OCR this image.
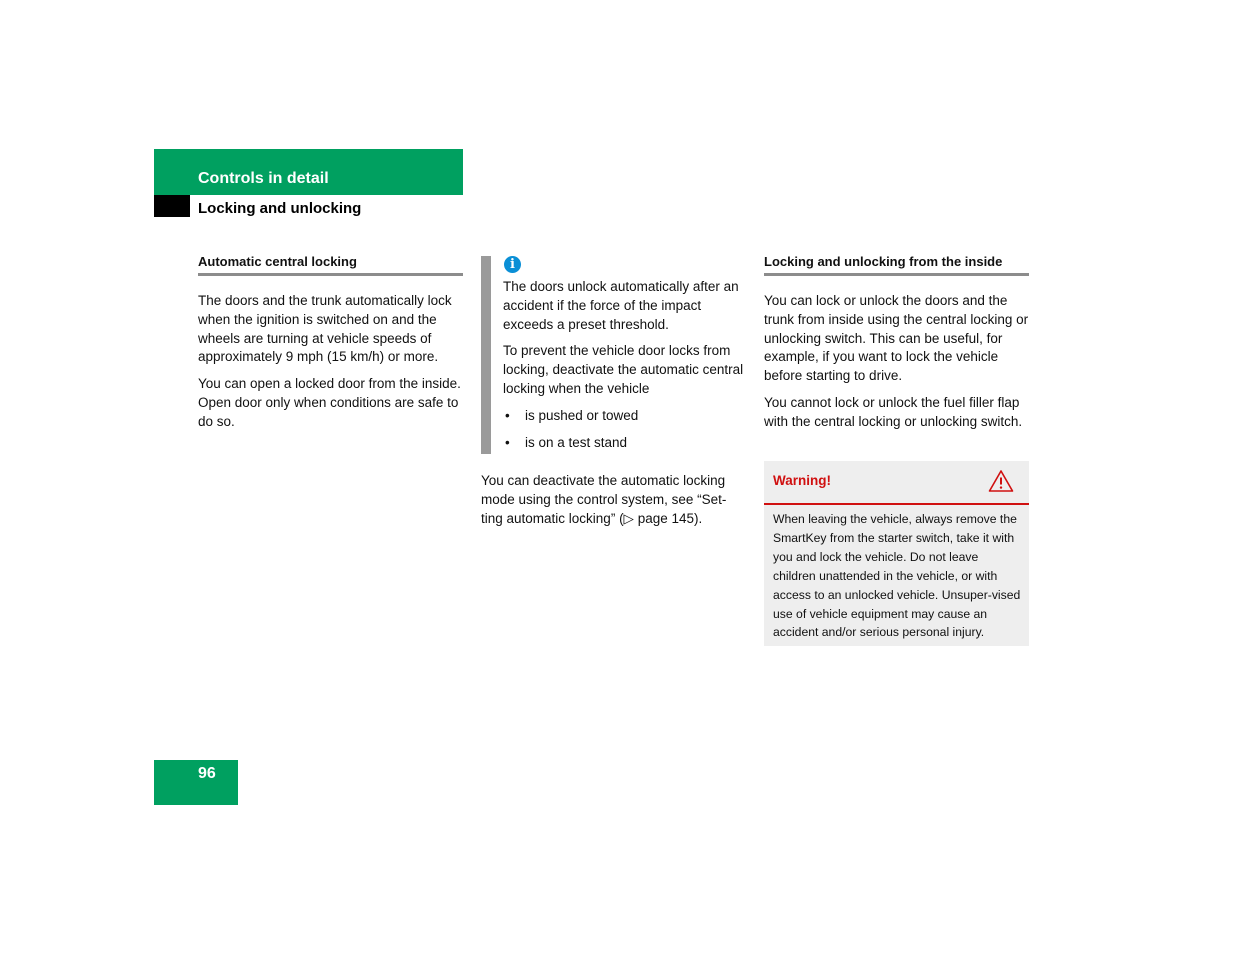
Controls in detail
Locking and unlocking
Automatic central locking

The doors and the trunk automatically lock when the ignition is switched on and the wheels are turning at vehicle speeds of approximately 9 mph (15 km/h) or more.

You can open a locked door from the inside. Open door only when conditions are safe to do so.

i

The doors unlock automatically after an accident if the force of the impact exceeds a preset threshold.

To prevent the vehicle door locks from locking, deactivate the automatic central locking when the vehicle

• is pushed or towed
• is on a test stand

You can deactivate the automatic locking mode using the control system, see “Set-ting automatic locking” (▷ page 145).

Locking and unlocking from the inside

You can lock or unlock the doors and the trunk from inside using the central locking or unlocking switch. This can be useful, for example, if you want to lock the vehicle before starting to drive.

You cannot lock or unlock the fuel filler flap with the central locking or unlocking switch.

Warning!
When leaving the vehicle, always remove the SmartKey from the starter switch, take it with you and lock the vehicle. Do not leave children unattended in the vehicle, or with access to an unlocked vehicle. Unsuper-vised use of vehicle equipment may cause an accident and/or serious personal injury.
96
